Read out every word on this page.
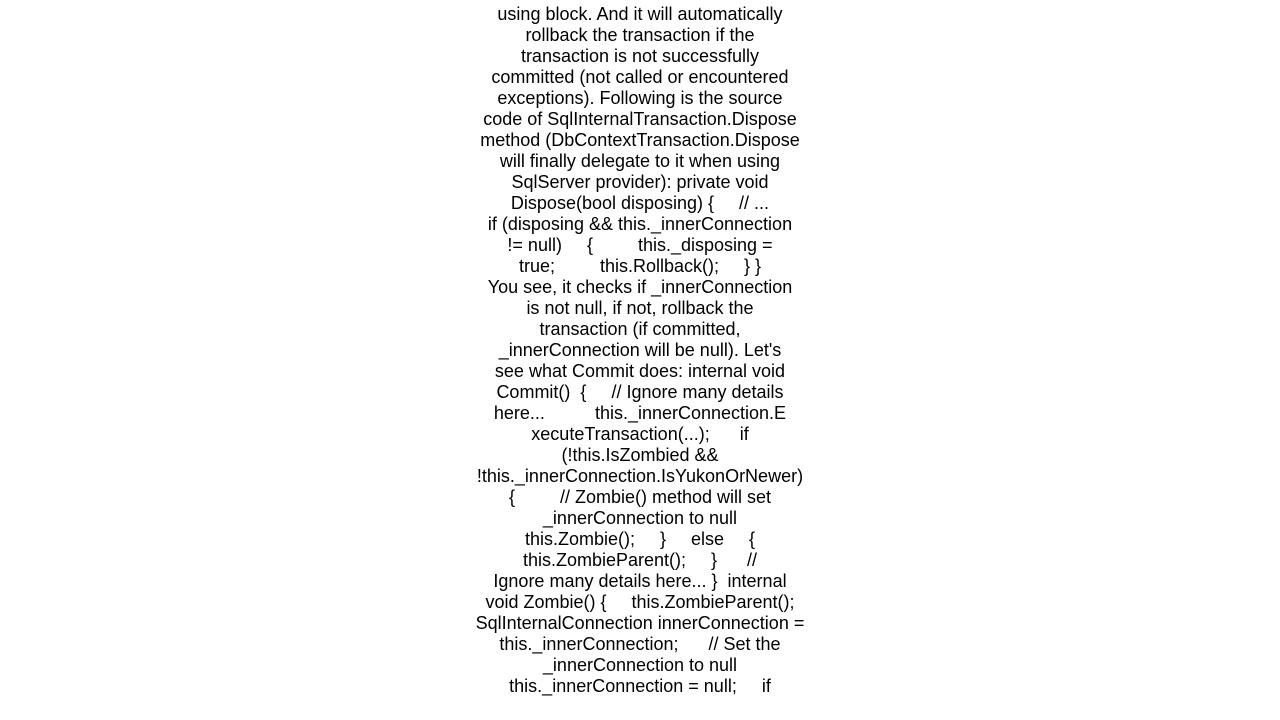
using block. And it will automatically
rollback the transaction if the
transaction is not successfully
committed (not called or encountered
exceptions). Following is the source
code of SqlInternalTransaction.Dispose
method (DbContextTransaction.Dispose
will finally delegate to it when using
SqlServer provider): private void
Dispose(bool disposing) {     // ...
if (disposing && this._innerConnection
!= null)     {         this._disposing =
true;         this.Rollback();     } }
You see, it checks if _innerConnection
is not null, if not, rollback the
transaction (if committed,
_innerConnection will be null). Let's
see what Commit does: internal void
Commit()  {     // Ignore many details
here...          this._innerConnection.E
xecuteTransaction(...);      if
(!this.IsZombied &&
!this._innerConnection.IsYukonOrNewer)
{         // Zombie() method will set
_innerConnection to null
this.Zombie();     }     else     {
this.ZombieParent();     }      //
Ignore many details here... }  internal
void Zombie() {     this.ZombieParent();
SqlInternalConnection innerConnection =
this._innerConnection;      // Set the
_innerConnection to null
this._innerConnection = null;     if
